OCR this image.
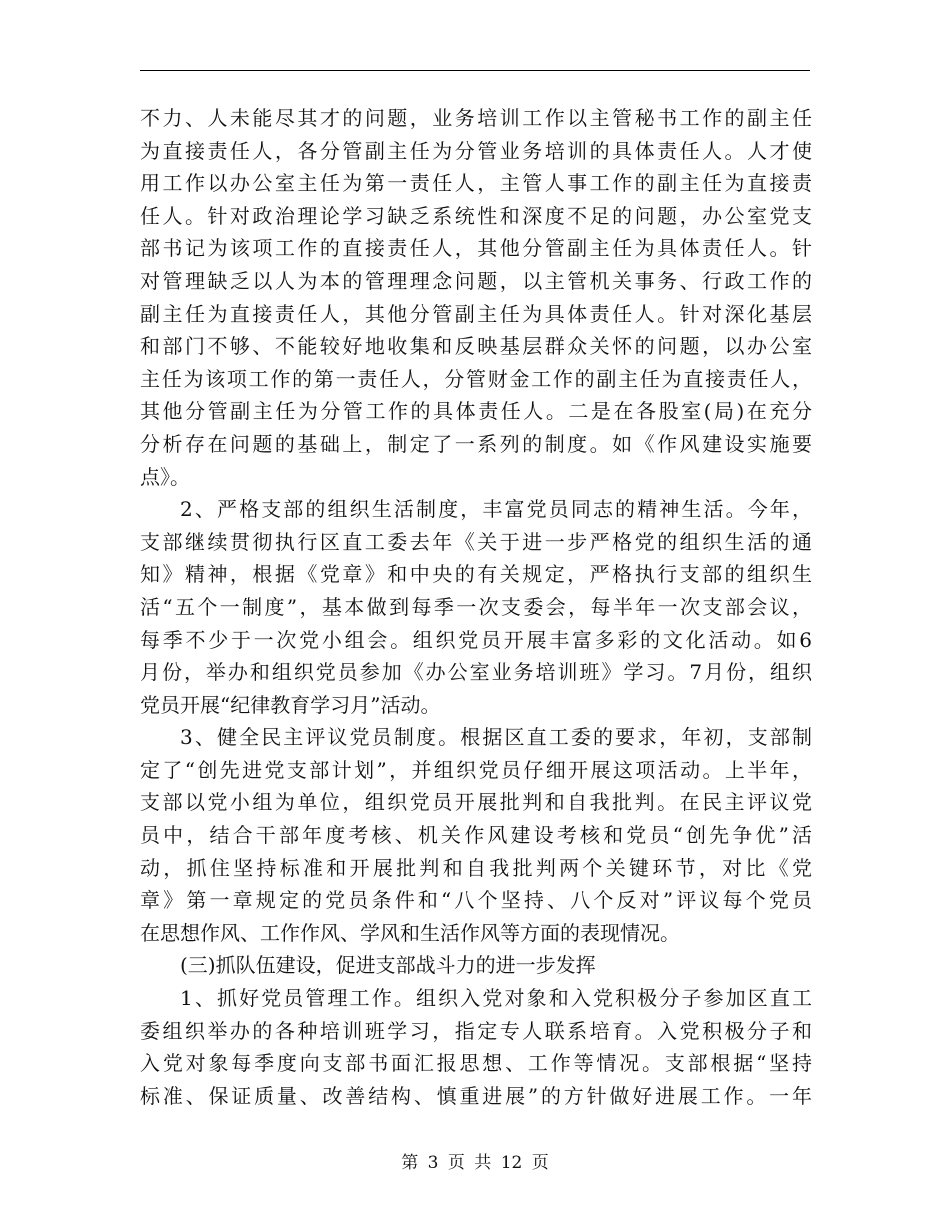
不力、人未能尽其才的问题，业务培训工作以主管秘书工作的副主任
为直接责任人，各分管副主任为分管业务培训的具体责任人。人才使
用工作以办公室主任为第一责任人，主管人事工作的副主任为直接责
任人。针对政治理论学习缺乏系统性和深度不足的问题，办公室党支
部书记为该项工作的直接责任人，其他分管副主任为具体责任人。针
对管理缺乏以人为本的管理理念问题，以主管机关事务、行政工作的
副主任为直接责任人，其他分管副主任为具体责任人。针对深化基层
和部门不够、不能较好地收集和反映基层群众关怀的问题，以办公室
主任为该项工作的第一责任人，分管财金工作的副主任为直接责任人，
其他分管副主任为分管工作的具体责任人。二是在各股室(局)在充分
分析存在问题的基础上，制定了一系列的制度。如《作风建设实施要
点》。
2、严格支部的组织生活制度，丰富党员同志的精神生活。今年，
支部继续贯彻执行区直工委去年《关于进一步严格党的组织生活的通
知》精神，根据《党章》和中央的有关规定，严格执行支部的组织生
活“五个一制度”，基本做到每季一次支委会，每半年一次支部会议，
每季不少于一次党小组会。组织党员开展丰富多彩的文化活动。如6
月份，举办和组织党员参加《办公室业务培训班》学习。7月份，组织
党员开展“纪律教育学习月”活动。
3、健全民主评议党员制度。根据区直工委的要求，年初，支部制
定了“创先进党支部计划”，并组织党员仔细开展这项活动。上半年，
支部以党小组为单位，组织党员开展批判和自我批判。在民主评议党
员中，结合干部年度考核、机关作风建设考核和党员“创先争优”活
动，抓住坚持标准和开展批判和自我批判两个关键环节，对比《党
章》第一章规定的党员条件和“八个坚持、八个反对”评议每个党员
在思想作风、工作作风、学风和生活作风等方面的表现情况。
(三)抓队伍建设，促进支部战斗力的进一步发挥
1、抓好党员管理工作。组织入党对象和入党积极分子参加区直工
委组织举办的各种培训班学习，指定专人联系培育。入党积极分子和
入党对象每季度向支部书面汇报思想、工作等情况。支部根据“坚持
标准、保证质量、改善结构、慎重进展”的方针做好进展工作。一年
第 3 页 共 12 页
